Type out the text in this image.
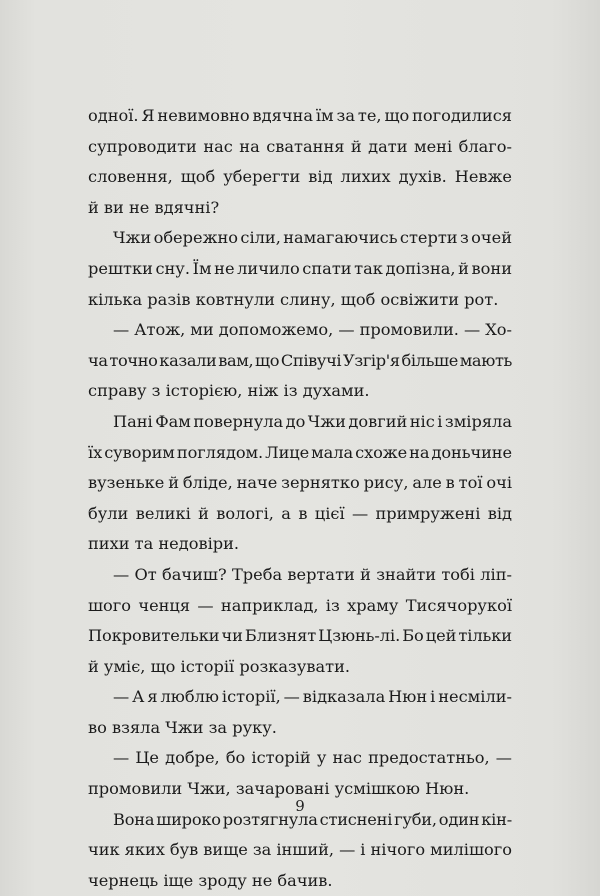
одної. Я невимовно вдячна їм за те, що погодилися
супроводити нас на сватання й дати мені благо-
словення, щоб уберегти від лихих духів. Невже
й ви не вдячні?
Чжи обережно сіли, намагаючись стерти з очей
рештки сну. Їм не личило спати так допізна, й вони
кілька разів ковтнули слину, щоб освіжити рот.
— Атож, ми допоможемо, — промовили. — Хо-
ча точно казали вам, що Співучі Узгір'я більше мають
справу з історією, ніж із духами.
Пані Фам повернула до Чжи довгий ніс і зміряла
їх суворим поглядом. Лице мала схоже на доньчине
вузеньке й бліде, наче зернятко рису, але в тої очі
були великі й вологі, а в цієї — примружені від
пихи та недовіри.
— От бачиш? Треба вертати й знайти тобі ліп-
шого ченця — наприклад, із храму Тисячорукої
Покровительки чи Близнят Цзюнь-лі. Бо цей тільки
й уміє, що історії розказувати.
— А я люблю історії, — відказала Нюн і несміли-
во взяла Чжи за руку.
— Це добре, бо історій у нас предостатньо, —
промовили Чжи, зачаровані усмішкою Нюн.
Вона широко розтягнула стиснені губи, один кін-
чик яких був вище за інший, — і нічого милішого
чернець іще зроду не бачив.
9
